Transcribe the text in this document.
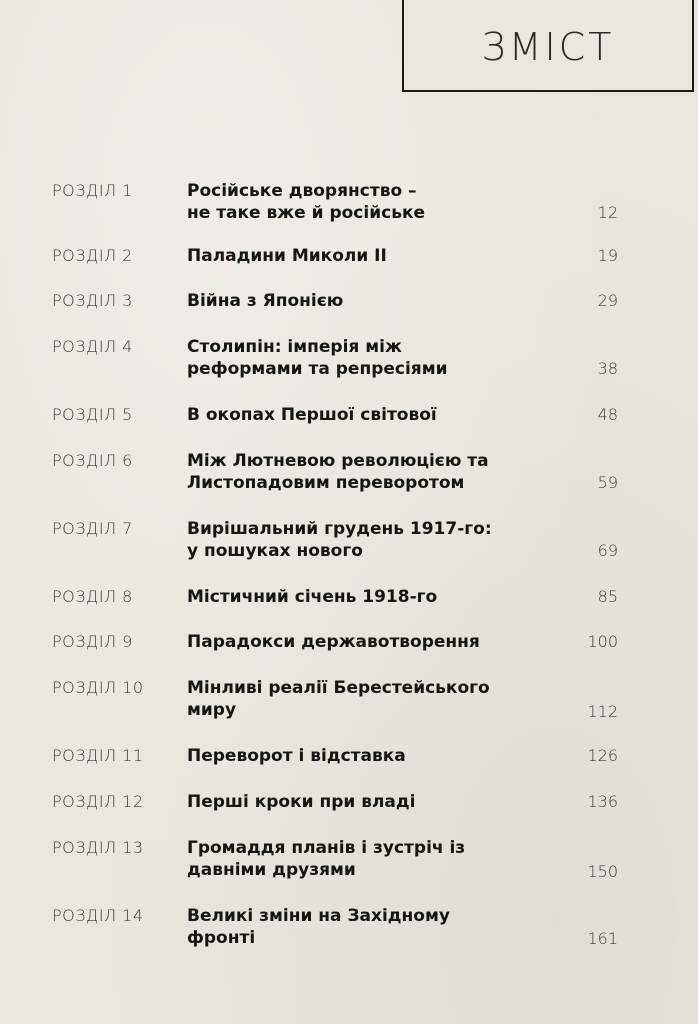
ЗМІСТ
РОЗДІЛ 1	Російське дворянство –
не таке вже й російське	12
РОЗДІЛ 2	Паладини Миколи ІІ	19
РОЗДІЛ 3	Війна з Японією	29
РОЗДІЛ 4	Столипін: імперія між
реформами та репресіями	38
РОЗДІЛ 5	В окопах Першої світової	48
РОЗДІЛ 6	Між Лютневою революцією та
Листопадовим переворотом	59
РОЗДІЛ 7	Вирішальний грудень 1917-го:
у пошуках нового	69
РОЗДІЛ 8	Містичний січень 1918-го	85
РОЗДІЛ 9	Парадокси державотворення	100
РОЗДІЛ 10	Мінливі реалії Берестейського
миру	112
РОЗДІЛ 11	Переворот і відставка	126
РОЗДІЛ 12	Перші кроки при владі	136
РОЗДІЛ 13	Громаддя планів і зустріч із
давніми друзями	150
РОЗДІЛ 14	Великі зміни на Західному
фронті	161
